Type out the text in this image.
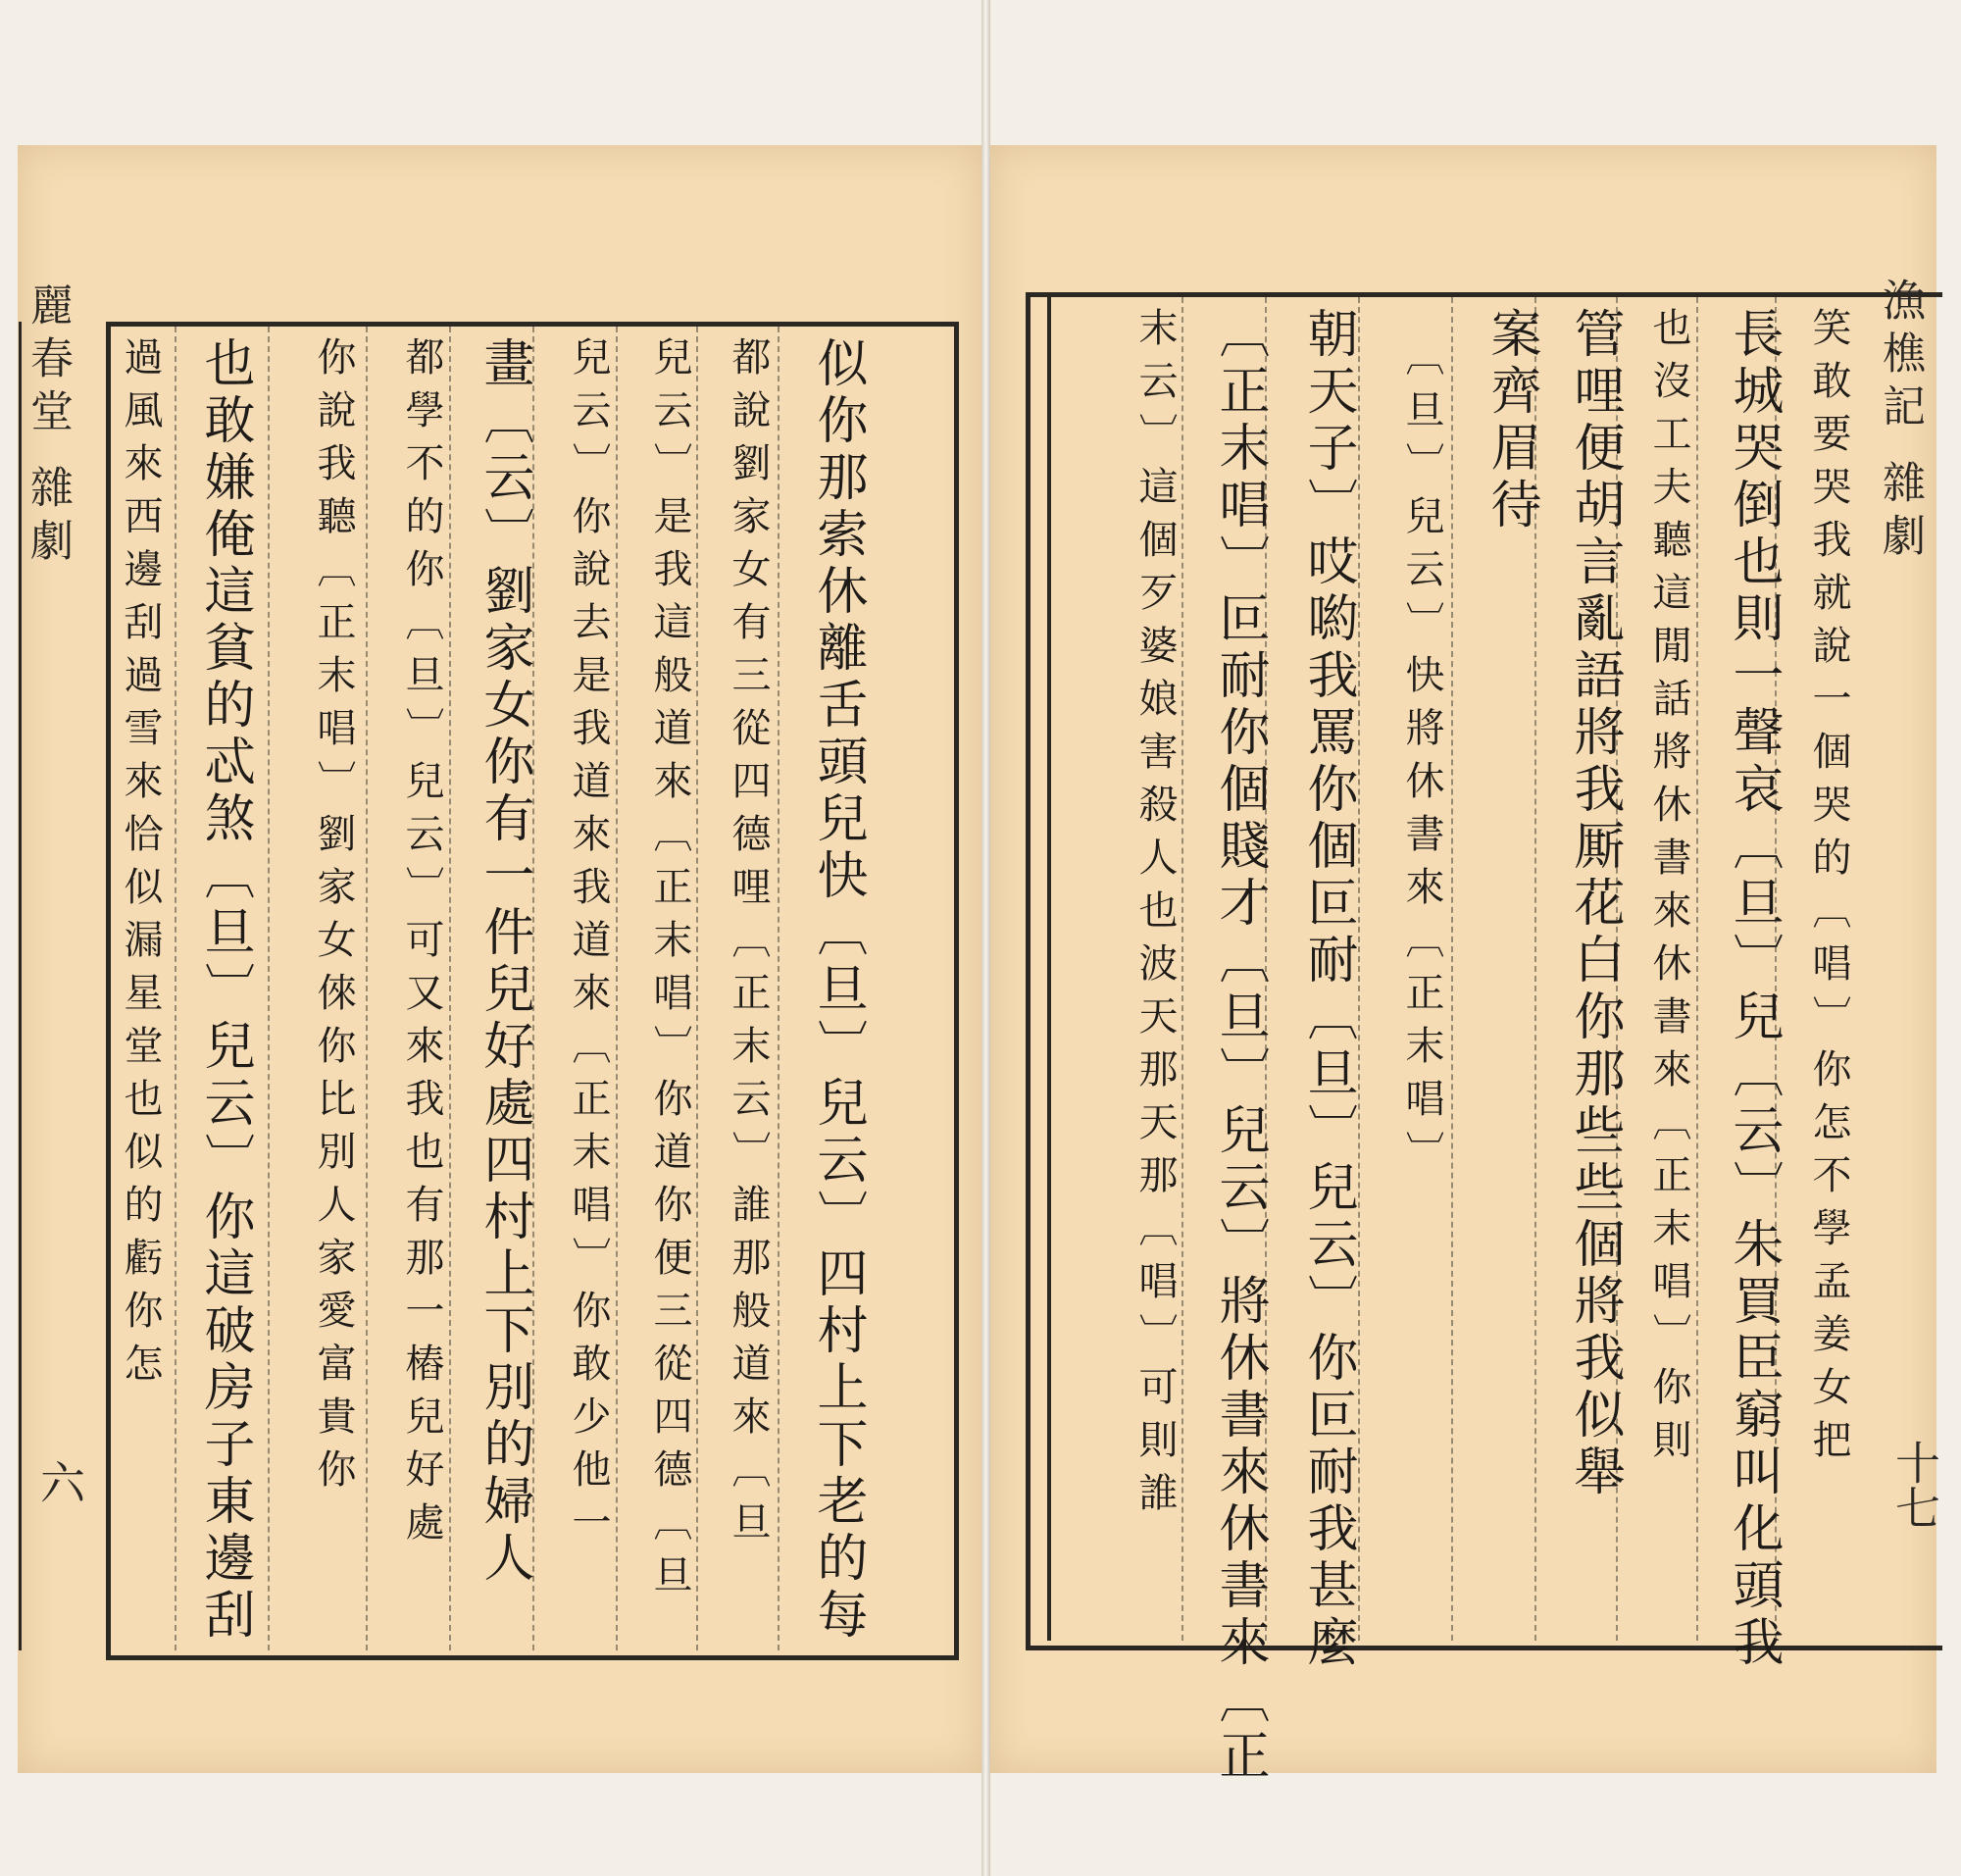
漁樵記 雜劇
十七
笑敢要哭我就說一個哭的〔唱〕你怎不學孟姜女把
長城哭倒也則一聲哀〔旦〕兒〔云〕朱買臣窮叫化頭我
也沒工夫聽這閒話將休書來休書來〔正末唱〕你則
管哩便胡言亂語將我厮花白你那些些個將我似舉
案齊眉待
〔旦〕兒云〕快將休書來〔正末唱〕
朝天子〕哎喲我罵你個叵耐〔旦〕兒云〕你叵耐我甚麼
〔正末唱〕叵耐你個賤才〔旦〕兒云〕將休書來休書來〔正
末云〕這個歹婆娘害殺人也波天那天那〔唱〕可則誰
麗春堂 雜劇
六	似你那索休離舌頭兒快〔旦〕兒云〕四村上下老的每
都說劉家女有三從四德哩〔正末云〕誰那般道來〔旦
兒云〕是我這般道來〔正末唱〕你道你便三從四德〔旦
兒云〕你說去是我道來我道來〔正末唱〕你敢少他一
畫〔云〕劉家女你有一件兒好處四村上下別的婦人
都學不的你〔旦〕兒云〕可又來我也有那一樁兒好處
你說我聽〔正末唱〕劉家女倈你比別人家愛富貴你
也敢嫌俺這貧的忒煞〔旦〕兒云〕你這破房子東邊刮
過風來西邊刮過雪來恰似漏星堂也似的虧你怎
